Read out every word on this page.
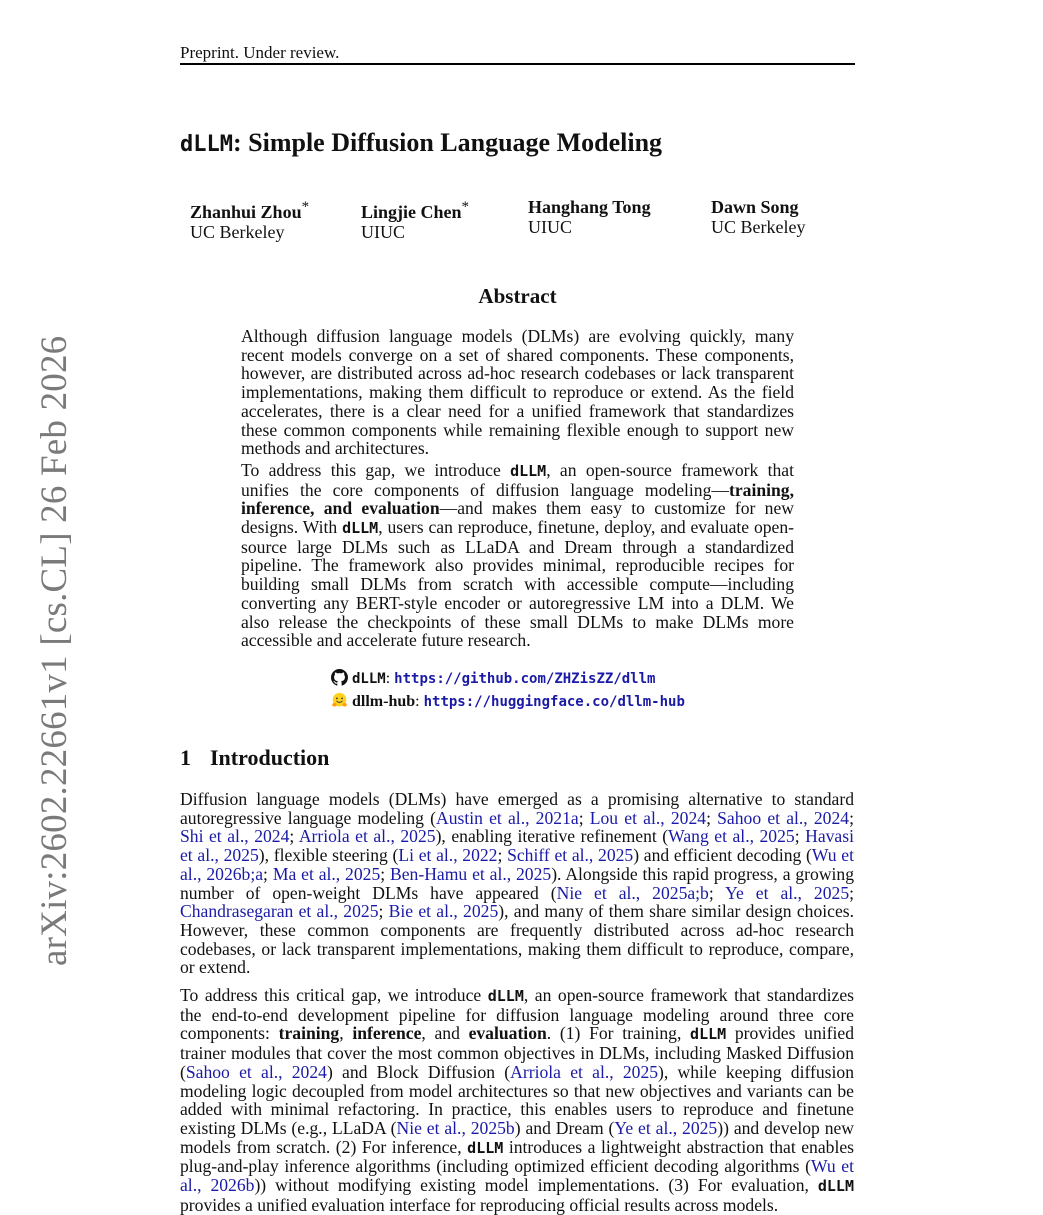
Preprint. Under review.
arXiv:2602.22661v1 [cs.CL] 26 Feb 2026
dLLM: Simple Diffusion Language Modeling
Zhanhui Zhou*
UC Berkeley
Lingjie Chen*
UIUC
Hanghang Tong
UIUC
Dawn Song
UC Berkeley
Abstract

Although diffusion language models (DLMs) are evolving quickly, many recent models converge on a set of shared components. These components, however, are distributed across ad-hoc research codebases or lack transparent implementations, making them difficult to reproduce or extend. As the field accelerates, there is a clear need for a unified framework that standardizes these common components while remaining flexible enough to support new methods and architectures.

To address this gap, we introduce dLLM, an open-source framework that unifies the core components of diffusion language modeling—training, inference, and evaluation—and makes them easy to customize for new designs. With dLLM, users can reproduce, finetune, deploy, and evaluate open-source large DLMs such as LLaDA and Dream through a standardized pipeline. The framework also provides minimal, reproducible recipes for building small DLMs from scratch with accessible compute—including converting any BERT-style encoder or autoregressive LM into a DLM. We also release the checkpoints of these small DLMs to make DLMs more accessible and accelerate future research.

dLLM: https://github.com/ZHZisZZ/dllm
dllm-hub: https://huggingface.co/dllm-hub
1 Introduction

Diffusion language models (DLMs) have emerged as a promising alternative to standard autoregressive language modeling (Austin et al., 2021a; Lou et al., 2024; Sahoo et al., 2024; Shi et al., 2024; Arriola et al., 2025), enabling iterative refinement (Wang et al., 2025; Havasi et al., 2025), flexible steering (Li et al., 2022; Schiff et al., 2025) and efficient decoding (Wu et al., 2026b;a; Ma et al., 2025; Ben-Hamu et al., 2025). Alongside this rapid progress, a growing number of open-weight DLMs have appeared (Nie et al., 2025a;b; Ye et al., 2025; Chandrasegaran et al., 2025; Bie et al., 2025), and many of them share similar design choices. However, these common components are frequently distributed across ad-hoc research codebases, or lack transparent implementations, making them difficult to reproduce, compare, or extend.

To address this critical gap, we introduce dLLM, an open-source framework that standardizes the end-to-end development pipeline for diffusion language modeling around three core components: training, inference, and evaluation. (1) For training, dLLM provides unified trainer modules that cover the most common objectives in DLMs, including Masked Diffusion (Sahoo et al., 2024) and Block Diffusion (Arriola et al., 2025), while keeping diffusion modeling logic decoupled from model architectures so that new objectives and variants can be added with minimal refactoring. In practice, this enables users to reproduce and finetune existing DLMs (e.g., LLaDA (Nie et al., 2025b) and Dream (Ye et al., 2025)) and develop new models from scratch. (2) For inference, dLLM introduces a lightweight abstraction that enables plug-and-play inference algorithms (including optimized efficient decoding algorithms (Wu et al., 2026b)) without modifying existing model implementations. (3) For evaluation, dLLM provides a unified evaluation interface for reproducing official results across models.
